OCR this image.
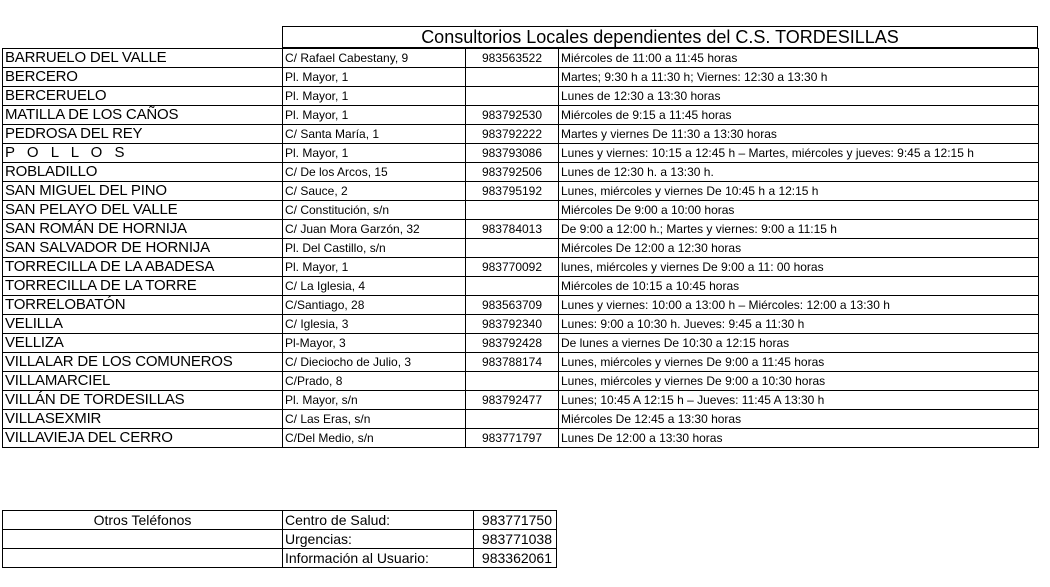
Consultorios Locales dependientes del C.S. TORDESILLAS
BARRUELO DEL VALLE	C/ Rafael Cabestany, 9	983563522	Miércoles de 11:00 a 11:45 horas
BERCERO	Pl. Mayor, 1		Martes; 9:30 h a 11:30 h; Viernes: 12:30 a 13:30 h
BERCERUELO	Pl. Mayor, 1		Lunes de 12:30 a 13:30 horas
MATILLA DE LOS CAÑOS	Pl. Mayor, 1	983792530	Miércoles de 9:15 a 11:45 horas
PEDROSA DEL REY	C/ Santa María, 1	983792222	Martes y viernes De 11:30 a 13:30 horas
P O L L O S	Pl. Mayor, 1	983793086	Lunes y viernes: 10:15 a 12:45 h – Martes, miércoles y jueves: 9:45 a 12:15 h
ROBLADILLO	C/ De los Arcos, 15	983792506	Lunes de 12:30 h. a 13:30 h.
SAN MIGUEL DEL PINO	C/ Sauce, 2	983795192	Lunes, miércoles y viernes De 10:45 h a 12:15 h
SAN PELAYO DEL VALLE	C/ Constitución, s/n		Miércoles De 9:00 a 10:00 horas
SAN ROMÁN DE HORNIJA	C/ Juan Mora Garzón, 32	983784013	De 9:00 a 12:00 h.; Martes y viernes: 9:00 a 11:15 h
SAN SALVADOR DE HORNIJA	Pl. Del Castillo, s/n		Miércoles De 12:00 a 12:30 horas
TORRECILLA DE LA ABADESA	Pl. Mayor, 1	983770092	lunes, miércoles y viernes De 9:00 a 11: 00 horas
TORRECILLA DE LA TORRE	C/ La Iglesia, 4		Miércoles de 10:15 a 10:45 horas
TORRELOBATÓN	C/Santiago, 28	983563709	Lunes y viernes: 10:00 a 13:00 h – Miércoles: 12:00 a 13:30 h
VELILLA	C/ Iglesia, 3	983792340	Lunes: 9:00 a 10:30 h. Jueves: 9:45 a 11:30 h
VELLIZA	Pl-Mayor, 3	983792428	De lunes a viernes De 10:30 a 12:15 horas
VILLALAR DE LOS COMUNEROS	C/ Dieciocho de Julio, 3	983788174	Lunes, miércoles y viernes De 9:00 a 11:45 horas
VILLAMARCIEL	C/Prado, 8		Lunes, miércoles y viernes De 9:00 a 10:30 horas
VILLÁN DE TORDESILLAS	Pl. Mayor, s/n	983792477	Lunes; 10:45 A 12:15 h – Jueves: 11:45 A 13:30 h
VILLASEXMIR	C/ Las Eras, s/n		Miércoles De 12:45 a 13:30 horas
VILLAVIEJA DEL CERRO	C/Del Medio, s/n	983771797	Lunes De 12:00 a 13:30 horas
Otros Teléfonos	Centro de Salud:	983771750
	Urgencias:	983771038
	Información al Usuario:	983362061
